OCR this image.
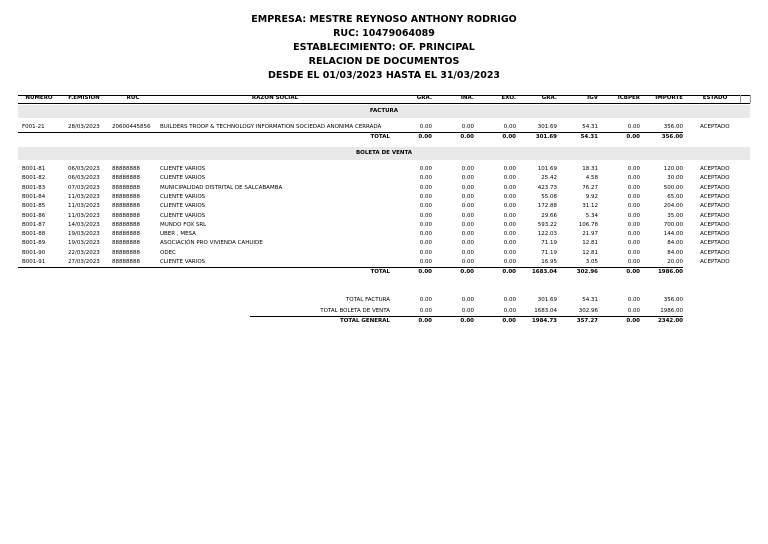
EMPRESA: MESTRE REYNOSO ANTHONY RODRIGO
RUC: 10479064089
ESTABLECIMIENTO: OF. PRINCIPAL
RELACION DE DOCUMENTOS
DESDE EL 01/03/2023 HASTA EL 31/03/2023
NUMERO	F.EMISION	RUC	RAZON SOCIAL	GRA.	INA.	EXO.	GRA.	IGV	ICBPER	IMPORTE	ESTADO
FACTURA
F001-21	28/03/2023	20600445856 BUILDERS TROOP & TECHNOLOGY INFORMATION SOCIEDAD ANONIMA CERRADA	0.00	0.00	0.00	301.69	54.31	0.00	356.00	ACEPTADO
TOTAL	0.00	0.00	0.00	301.69	54.31	0.00	356.00
BOLETA DE VENTA
B001-81	06/03/2023	88888888	CLIENTE VARIOS	0.00	0.00	0.00	101.69	18.31	0.00	120.00	ACEPTADO
B001-82	06/03/2023	88888888	CLIENTE VARIOS	0.00	0.00	0.00	25.42	4.58	0.00	30.00	ACEPTADO
B001-83	07/03/2023	88888888	MUNICIPALIDAD DISTRITAL DE SALCABAMBA	0.00	0.00	0.00	423.73	76.27	0.00	500.00	ACEPTADO
B001-84	11/03/2023	88888888	CLIENTE VARIOS	0.00	0.00	0.00	55.08	9.92	0.00	65.00	ACEPTADO
B001-85	11/03/2023	88888888	CLIENTE VARIOS	0.00	0.00	0.00	172.88	31.12	0.00	204.00	ACEPTADO
B001-86	11/03/2023	88888888	CLIENTE VARIOS	0.00	0.00	0.00	29.66	5.34	0.00	35.00	ACEPTADO
B001-87	14/03/2023	88888888	MUNDO FOX SRL	0.00	0.00	0.00	593.22	106.78	0.00	700.00	ACEPTADO
B001-88	19/03/2023	88888888	UBER , MESA	0.00	0.00	0.00	122.03	21.97	0.00	144.00	ACEPTADO
B001-89	19/03/2023	88888888	ASOCIACIÓN PRO VIVIENDA CAHUIDE	0.00	0.00	0.00	71.19	12.81	0.00	84.00	ACEPTADO
B001-90	22/03/2023	88888888	ODEC	0.00	0.00	0.00	71.19	12.81	0.00	84.00	ACEPTADO
B001-91	27/03/2023	88888888	CLIENTE VARIOS	0.00	0.00	0.00	16.95	3.05	0.00	20.00	ACEPTADO
TOTAL	0.00	0.00	0.00	1683.04	302.96	0.00	1986.00
TOTAL FACTURA	0.00	0.00	0.00	301.69	54.31	0.00	356.00
TOTAL BOLETA DE VENTA	0.00	0.00	0.00	1683.04	302.96	0.00	1986.00
TOTAL GENERAL	0.00	0.00	0.00	1984.73	357.27	0.00	2342.00
